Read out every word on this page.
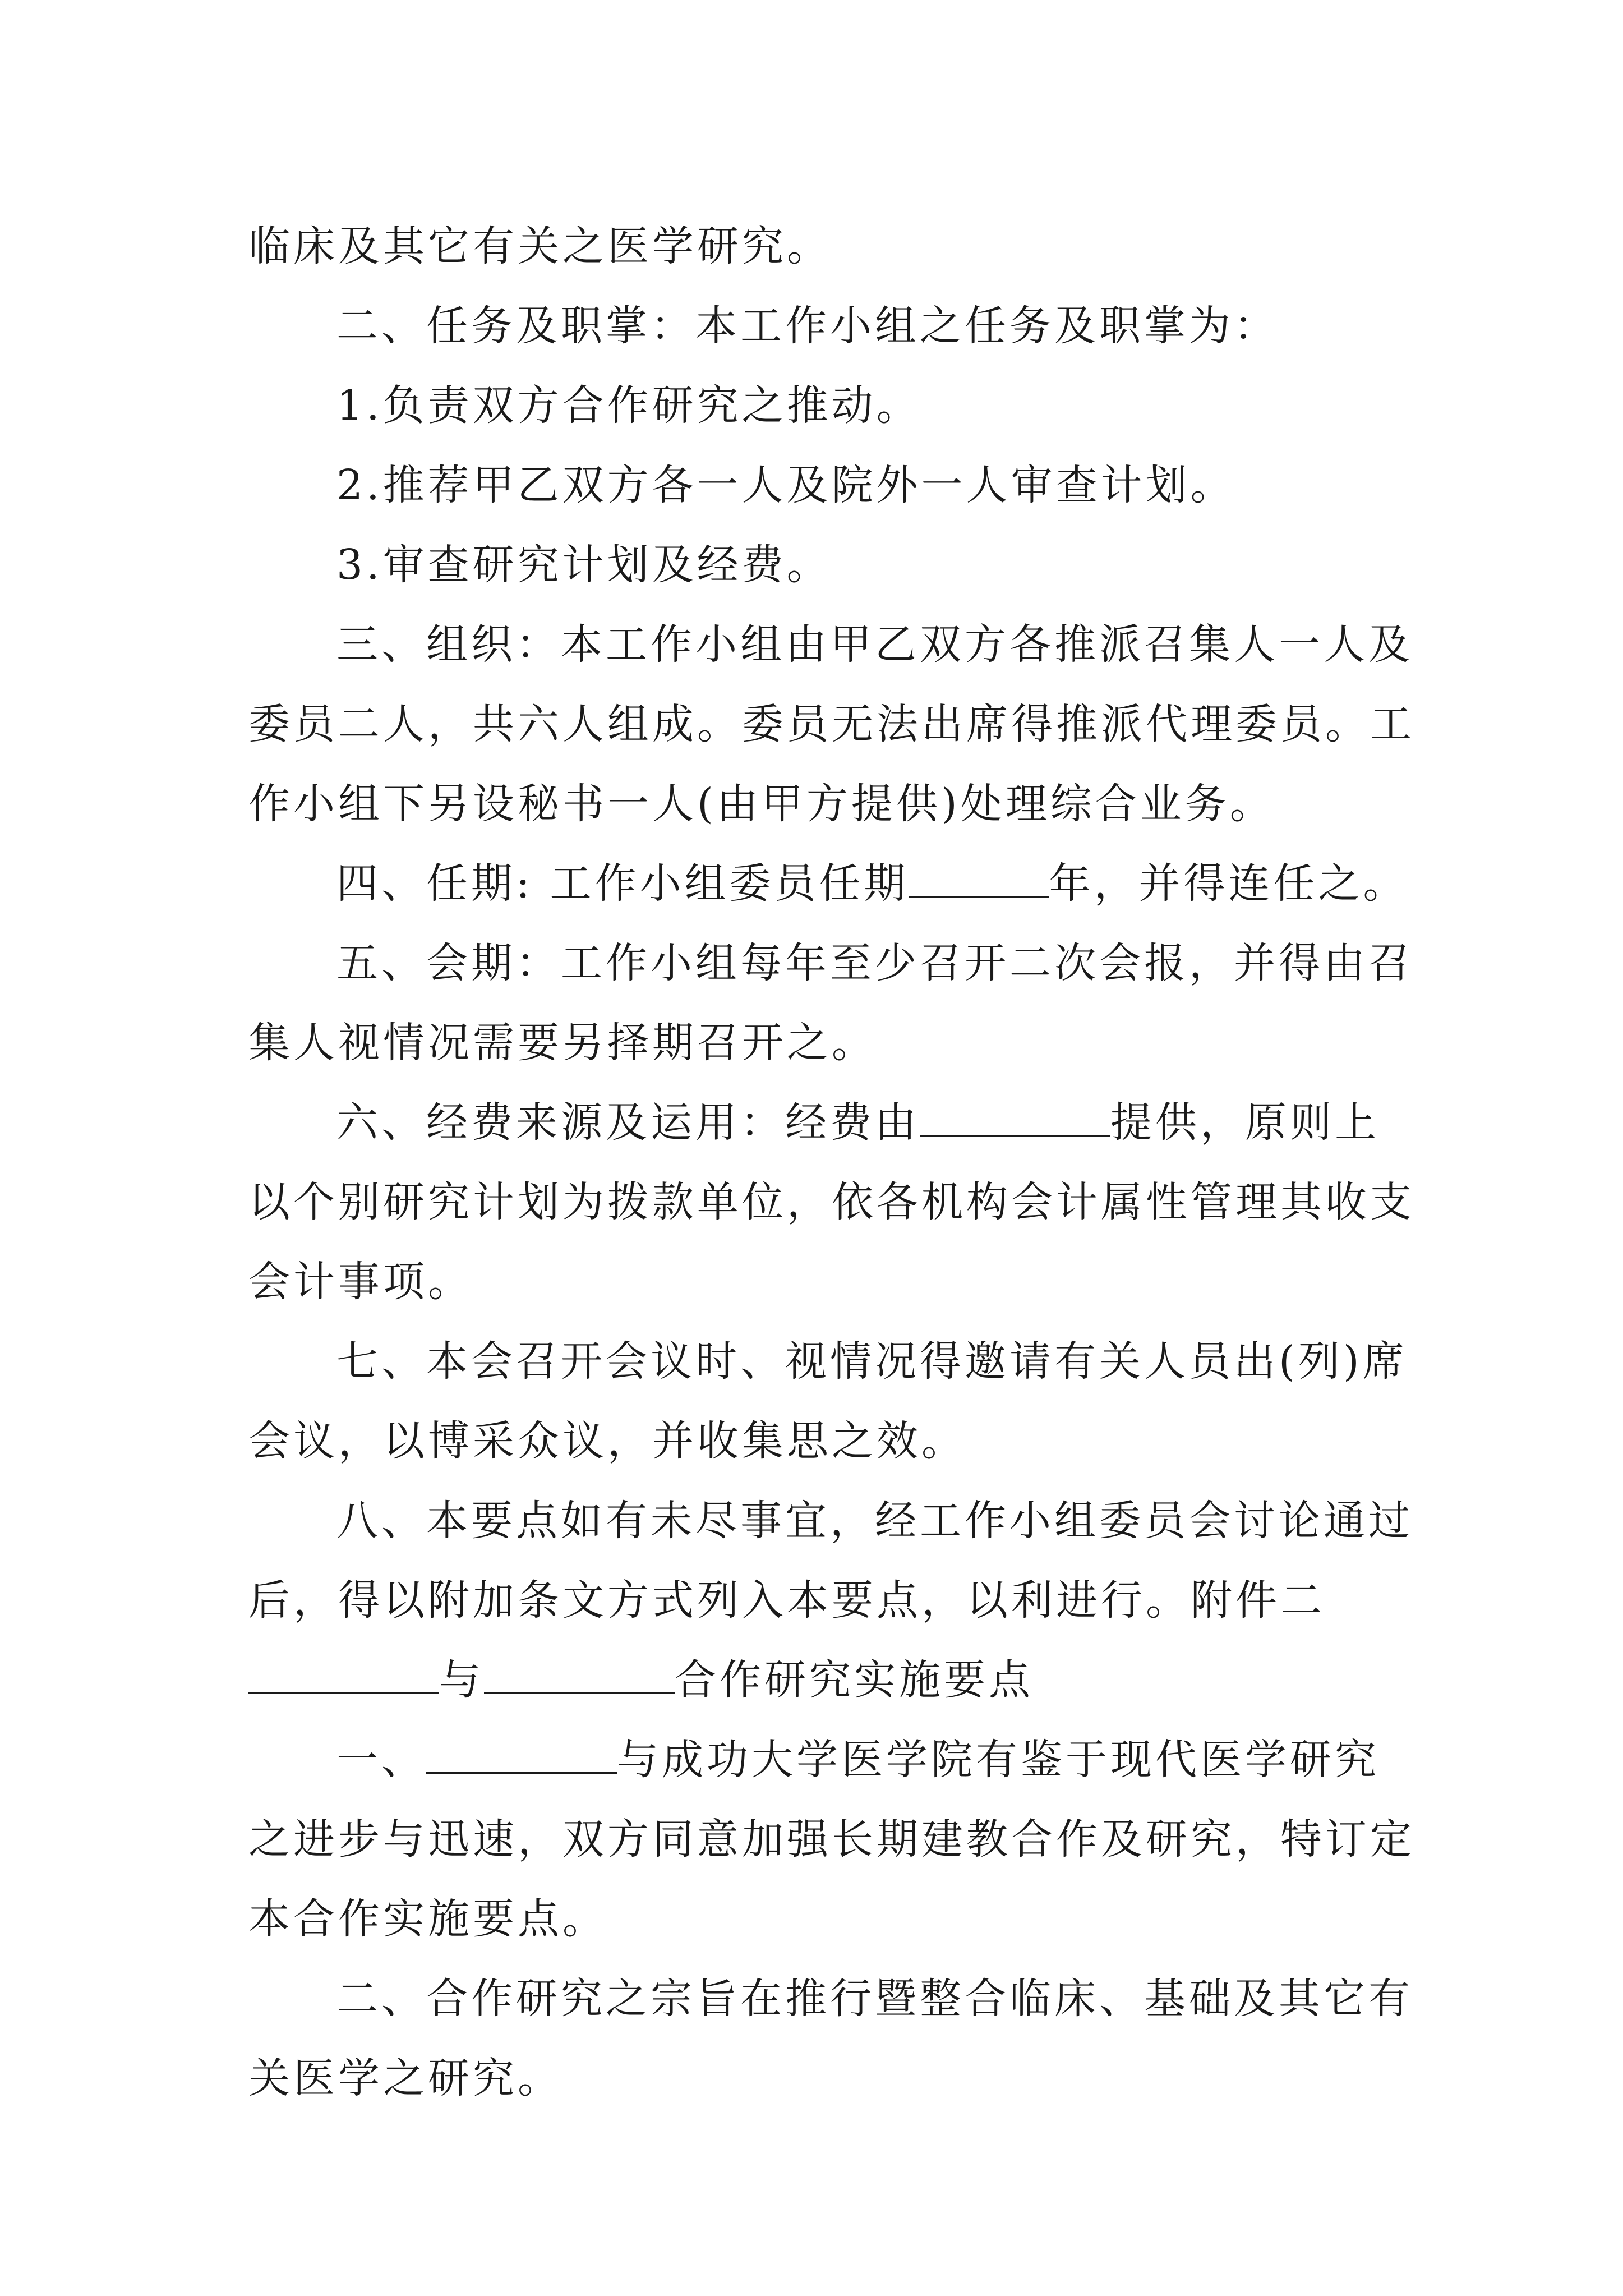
临床及其它有关之医学研究。

二、任务及职掌：本工作小组之任务及职掌为：

1.负责双方合作研究之推动。

2.推荐甲乙双方各一人及院外一人审查计划。

3.审查研究计划及经费。

三、组织：本工作小组由甲乙双方各推派召集人一人及

委员二人，共六人组成。委员无法出席得推派代理委员。工

作小组下另设秘书一人(由甲方提供)处理综合业务。

四、任期: 工作小组委员任期	年，并得连任之。

五、会期：工作小组每年至少召开二次会报，并得由召

集人视情况需要另择期召开之。

六、经费来源及运用：经费由	提供，原则上

以个别研究计划为拨款单位，依各机构会计属性管理其收支

会计事项。

七、本会召开会议时、视情况得邀请有关人员出(列)席

会议，以博采众议，并收集思之效。

八、本要点如有未尽事宜，经工作小组委员会讨论通过

后，得以附加条文方式列入本要点，以利进行。附件二

与	合作研究实施要点

一、	与成功大学医学院有鉴于现代医学研究

之进步与迅速，双方同意加强长期建教合作及研究，特订定

本合作实施要点。

二、合作研究之宗旨在推行暨整合临床、基础及其它有

关医学之研究。
